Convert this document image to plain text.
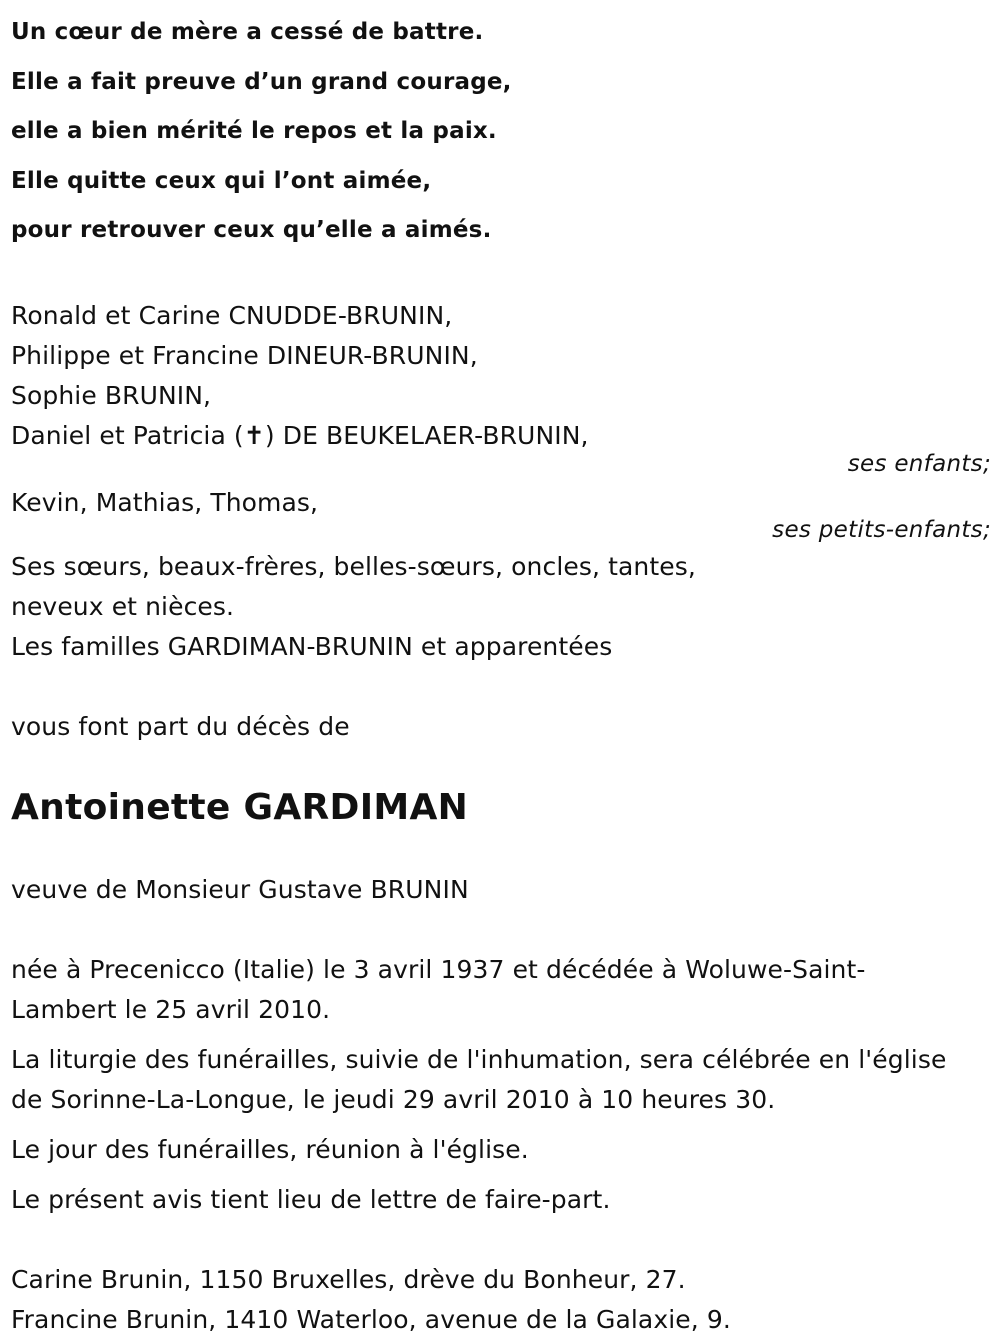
Un cœur de mère a cessé de battre.
Elle a fait preuve d’un grand courage,
elle a bien mérité le repos et la paix.
Elle quitte ceux qui l’ont aimée,
pour retrouver ceux qu’elle a aimés.
Ronald et Carine CNUDDE-BRUNIN,
Philippe et Francine DINEUR-BRUNIN,
Sophie BRUNIN,
Daniel et Patricia (✝) DE BEUKELAER-BRUNIN,
ses enfants;
Kevin, Mathias, Thomas,
ses petits-enfants;
Ses sœurs, beaux-frères, belles-sœurs, oncles, tantes,
neveux et nièces.
Les familles GARDIMAN-BRUNIN et apparentées
vous font part du décès de
Antoinette GARDIMAN
veuve de Monsieur Gustave BRUNIN
née à Precenicco (Italie) le 3 avril 1937 et décédée à Woluwe-Saint-
Lambert le 25 avril 2010.
La liturgie des funérailles, suivie de l'inhumation, sera célébrée en l'église
de Sorinne-La-Longue, le jeudi 29 avril 2010 à 10 heures 30.
Le jour des funérailles, réunion à l'église.
Le présent avis tient lieu de lettre de faire-part.
Carine Brunin, 1150 Bruxelles, drève du Bonheur, 27.
Francine Brunin, 1410 Waterloo, avenue de la Galaxie, 9.
